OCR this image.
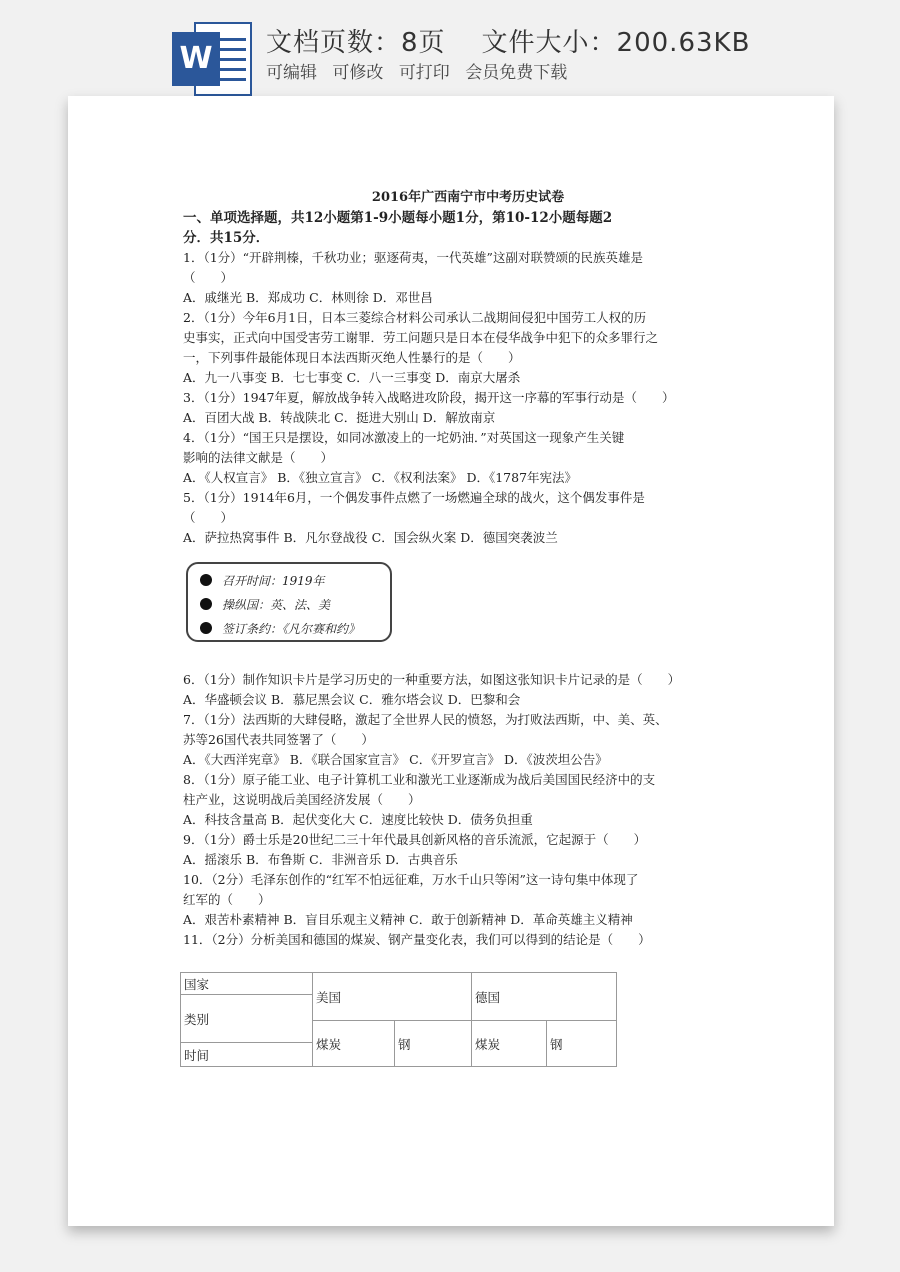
W 文档页数：8页 文件大小：200.63KB
可编辑 可修改 可打印 会员免费下载
2016年广西南宁市中考历史试卷
一、单项选择题，共12小题第1-9小题每小题1分，第10-12小题每题2
分．共15分．
1．（1分）“开辟荆榛，千秋功业；驱逐荷夷，一代英雄”这副对联赞颂的民族英雄是
（　　）
A．戚继光 B．郑成功 C．林则徐 D．邓世昌
2．（1分）今年6月1日，日本三菱综合材料公司承认二战期间侵犯中国劳工人权的历
史事实，正式向中国受害劳工谢罪．劳工问题只是日本在侵华战争中犯下的众多罪行之
一，下列事件最能体现日本法西斯灭绝人性暴行的是（　　）
A．九一八事变 B．七七事变 C．八一三事变 D．南京大屠杀
3．（1分）1947年夏，解放战争转入战略进攻阶段，揭开这一序幕的军事行动是（　　）
A．百团大战 B．转战陕北 C．挺进大别山 D．解放南京
4．（1分）“国王只是摆设，如同冰激凌上的一坨奶油．”对英国这一现象产生关键
影响的法律文献是（　　）
A．《人权宣言》 B．《独立宣言》 C．《权利法案》 D．《1787年宪法》
5．（1分）1914年6月，一个偶发事件点燃了一场燃遍全球的战火，这个偶发事件是
（　　）
A．萨拉热窝事件 B．凡尔登战役 C．国会纵火案 D．德国突袭波兰
召开时间：1919年
操纵国：英、法、美
签订条约：《凡尔赛和约》
6．（1分）制作知识卡片是学习历史的一种重要方法，如图这张知识卡片记录的是（　　）
A．华盛顿会议 B．慕尼黑会议 C．雅尔塔会议 D．巴黎和会
7．（1分）法西斯的大肆侵略，激起了全世界人民的愤怒，为打败法西斯，中、美、英、
苏等26国代表共同签署了（　　）
A．《大西洋宪章》 B．《联合国家宣言》 C．《开罗宣言》 D．《波茨坦公告》
8．（1分）原子能工业、电子计算机工业和激光工业逐渐成为战后美国国民经济中的支
柱产业，这说明战后美国经济发展（　　）
A．科技含量高 B．起伏变化大 C．速度比较快 D．债务负担重
9．（1分）爵士乐是20世纪二三十年代最具创新风格的音乐流派，它起源于（　　）
A．摇滚乐 B．布鲁斯 C．非洲音乐 D．古典音乐
10．（2分）毛泽东创作的“红军不怕远征难，万水千山只等闲”这一诗句集中体现了
红军的（　　）
A．艰苦朴素精神 B．盲目乐观主义精神 C．敢于创新精神 D．革命英雄主义精神
11．（2分）分析美国和德国的煤炭、钢产量变化表，我们可以得到的结论是（　　）
国家	美国		德国	
类别				
	煤炭	钢	煤炭	钢
时间				
